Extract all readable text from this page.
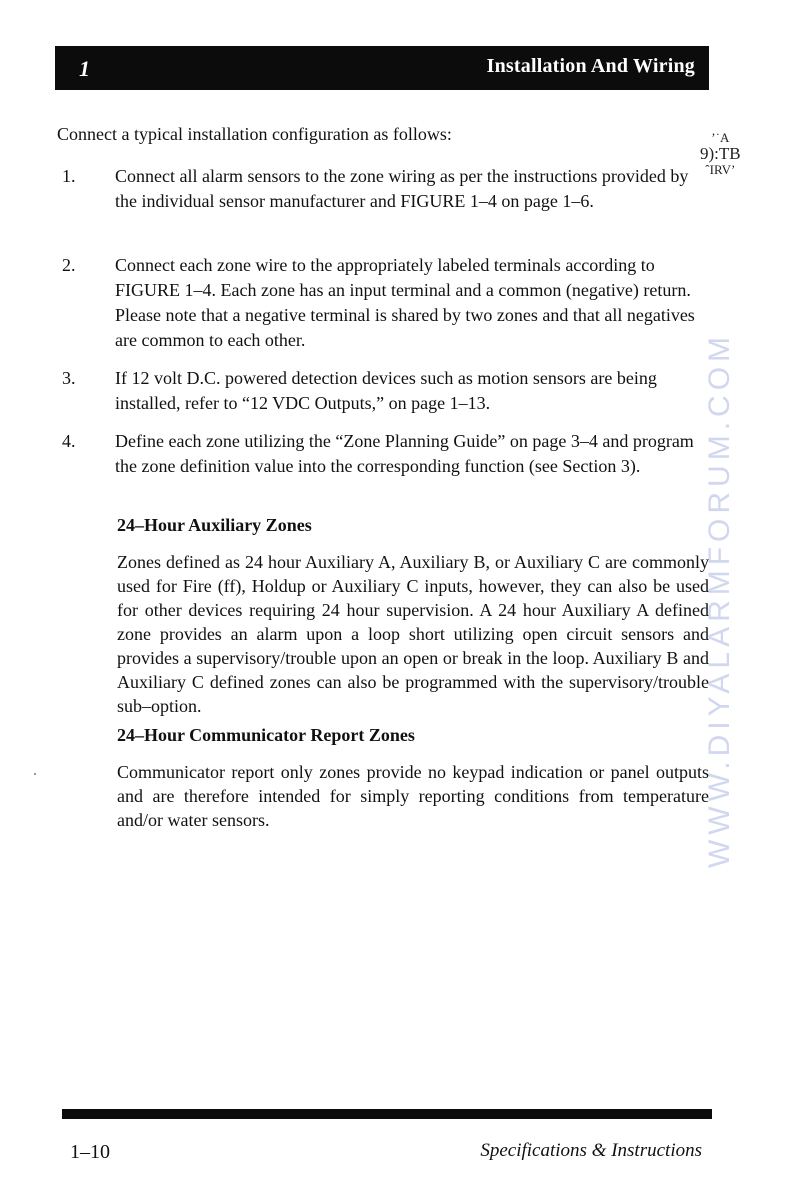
1	Installation And Wiring
’˙A
9):TB
ˆIRV’
WWW.DIYALARMFORUM.COM
Connect a typical installation configuration as follows:
1. Connect all alarm sensors to the zone wiring as per the instructions provided by the individual sensor manufacturer and FIGURE 1–4 on page 1–6.
2. Connect each zone wire to the appropriately labeled terminals according to FIGURE 1–4. Each zone has an input terminal and a common (negative) return. Please note that a negative terminal is shared by two zones and that all negatives are common to each other.
3. If 12 volt D.C. powered detection devices such as motion sensors are being installed, refer to “12 VDC Outputs,” on page 1–13.
4. Define each zone utilizing the “Zone Planning Guide” on page 3–4 and program the zone definition value into the corresponding function (see Section 3).
24–Hour Auxiliary Zones
Zones defined as 24 hour Auxiliary A, Auxiliary B, or Auxiliary C are commonly used for Fire (ff), Holdup or Auxiliary C inputs, however, they can also be used for other devices requiring 24 hour supervision. A 24 hour Auxiliary A defined zone provides an alarm upon a loop short utilizing open circuit sensors and provides a supervisory/trouble upon an open or break in the loop. Auxiliary B and Auxiliary C defined zones can also be programmed with the supervisory/trouble sub–option.
24–Hour Communicator Report Zones
Communicator report only zones provide no keypad indication or panel outputs and are therefore intended for simply reporting conditions from temperature and/or water sensors.
1–10	Specifications & Instructions
